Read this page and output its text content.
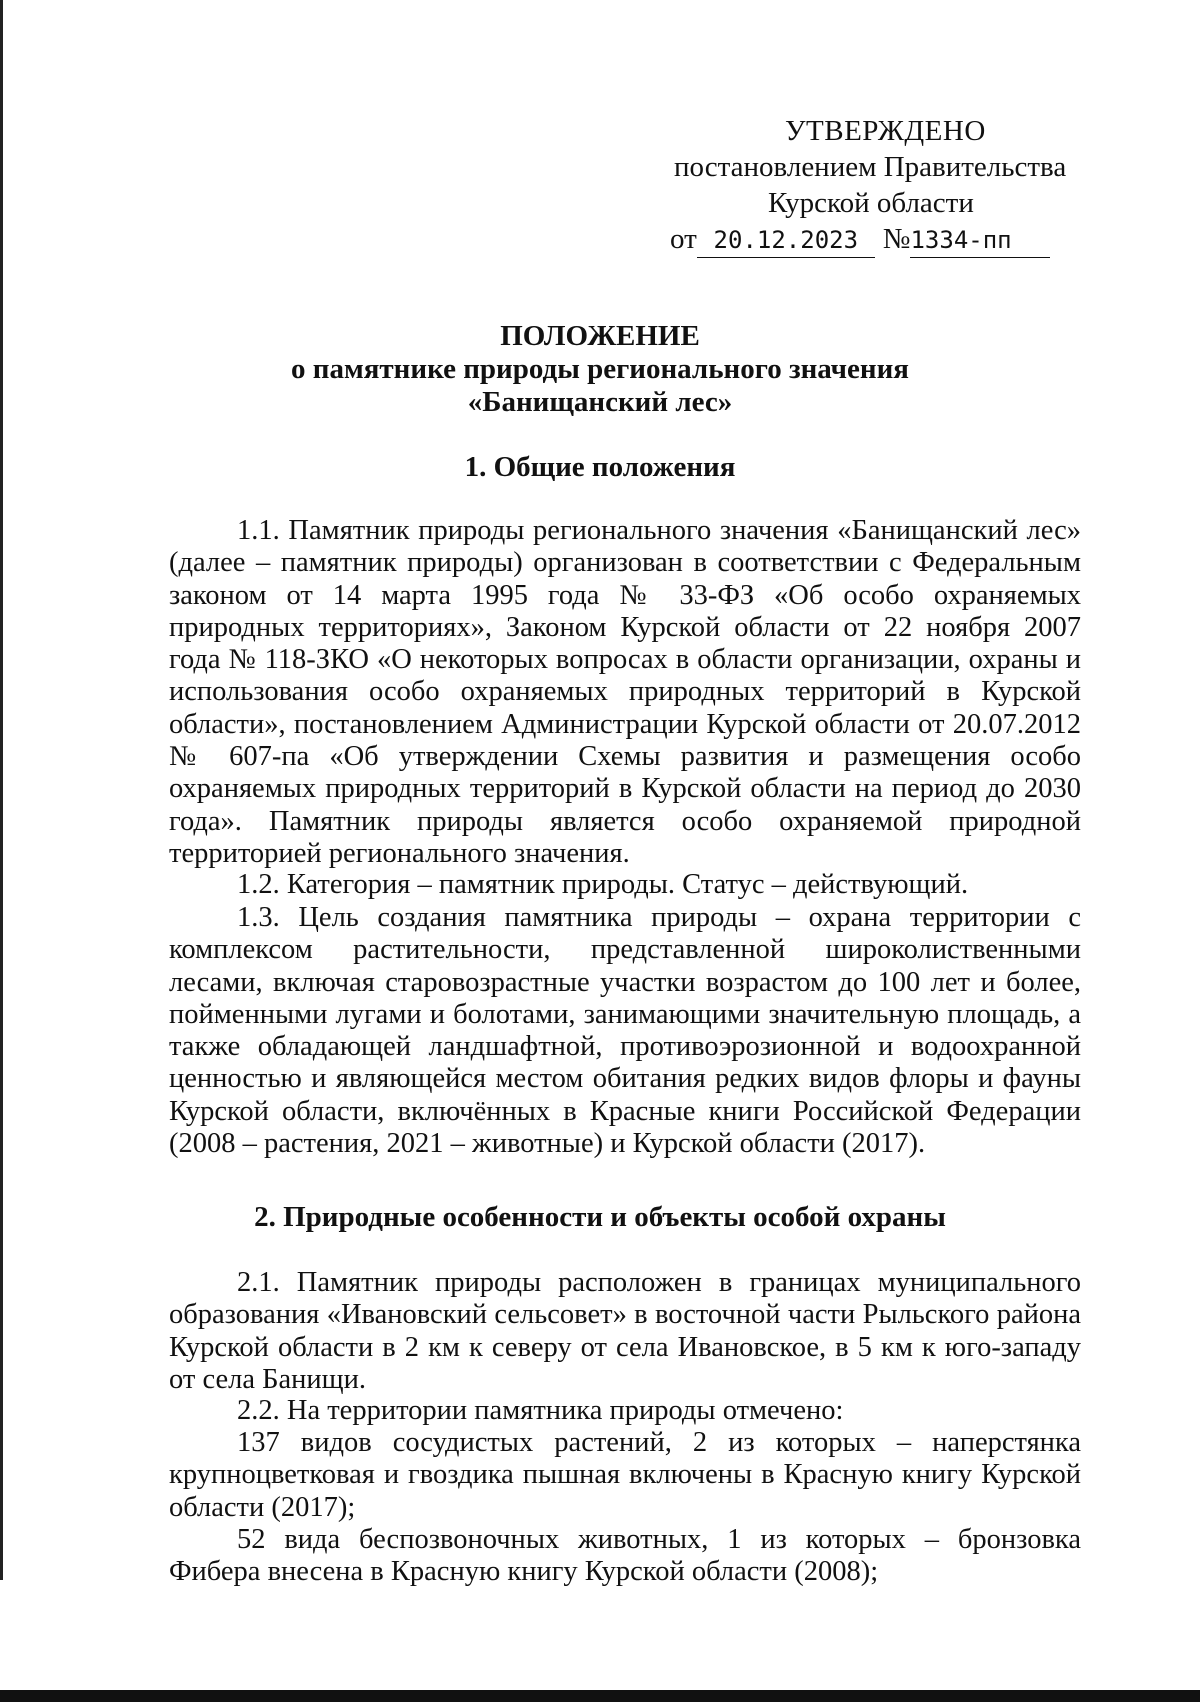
УТВЕРЖДЕНО
постановлением Правительства
Курской области
от 20.12.2023 № 1334-пп
ПОЛОЖЕНИЕ
о памятнике природы регионального значения
«Банищанский лес»
1. Общие положения
1.1. Памятник природы регионального значения «Банищанский лес» (далее – памятник природы) организован в соответствии с Федеральным законом от 14 марта 1995 года № 33-ФЗ «Об особо охраняемых природных территориях», Законом Курской области от 22 ноября 2007 года № 118-ЗКО «О некоторых вопросах в области организации, охраны и использования особо охраняемых природных территорий в Курской области», постановлением Администрации Курской области от 20.07.2012 № 607-па «Об утверждении Схемы развития и размещения особо охраняемых природных территорий в Курской области на период до 2030 года». Памятник природы является особо охраняемой природной территорией регионального значения.
1.2. Категория – памятник природы. Статус – действующий.
1.3. Цель создания памятника природы – охрана территории с комплексом растительности, представленной широколиственными лесами, включая старовозрастные участки возрастом до 100 лет и более, пойменными лугами и болотами, занимающими значительную площадь, а также обладающей ландшафтной, противоэрозионной и водоохранной ценностью и являющейся местом обитания редких видов флоры и фауны Курской области, включённых в Красные книги Российской Федерации (2008 – растения, 2021 – животные) и Курской области (2017).
2. Природные особенности и объекты особой охраны
2.1. Памятник природы расположен в границах муниципального образования «Ивановский сельсовет» в восточной части Рыльского района Курской области в 2 км к северу от села Ивановское, в 5 км к юго-западу от села Банищи.
2.2. На территории памятника природы отмечено:
137 видов сосудистых растений, 2 из которых – наперстянка крупноцветковая и гвоздика пышная включены в Красную книгу Курской области (2017);
52 вида беспозвоночных животных, 1 из которых – бронзовка Фибера внесена в Красную книгу Курской области (2008);
